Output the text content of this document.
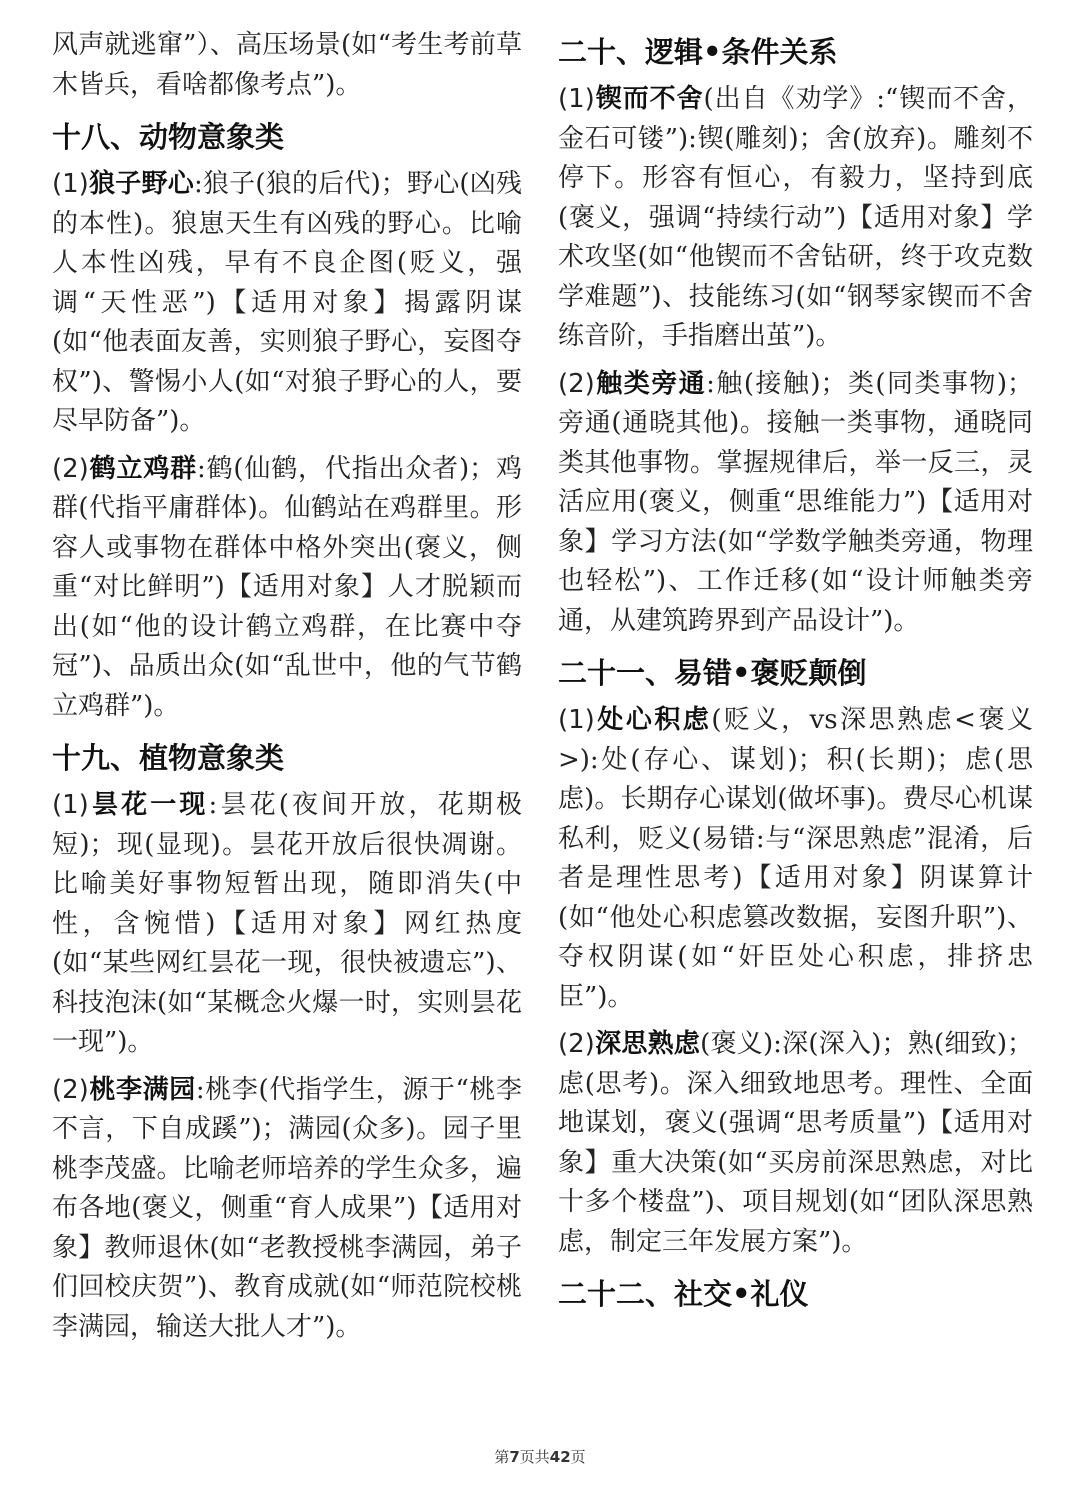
风声就逃窜”）、高压场景(如“考生考前草木皆兵，看啥都像考点”)。

十八、动物意象类

(1)狼子野心:狼子(狼的后代)；野心(凶残的本性)。狼崽天生有凶残的野心。比喻人本性凶残，早有不良企图(贬义，强调“天性恶”)【适用对象】揭露阴谋(如“他表面友善，实则狼子野心，妄图夺权”)、警惕小人(如“对狼子野心的人，要尽早防备”)。

(2)鹤立鸡群:鹤(仙鹤，代指出众者)；鸡群(代指平庸群体)。仙鹤站在鸡群里。形容人或事物在群体中格外突出(褒义，侧重“对比鲜明”)【适用对象】人才脱颖而出(如“他的设计鹤立鸡群，在比赛中夺冠”)、品质出众(如“乱世中，他的气节鹤立鸡群”)。

十九、植物意象类

(1)昙花一现:昙花(夜间开放，花期极短)；现(显现)。昙花开放后很快凋谢。比喻美好事物短暂出现，随即消失(中性，含惋惜)【适用对象】网红热度(如“某些网红昙花一现，很快被遗忘”)、科技泡沫(如“某概念火爆一时，实则昙花一现”)。

(2)桃李满园:桃李(代指学生，源于“桃李不言，下自成蹊”)；满园(众多)。园子里桃李茂盛。比喻老师培养的学生众多，遍布各地(褒义，侧重“育人成果”)【适用对象】教师退休(如“老教授桃李满园，弟子们回校庆贺”)、教育成就(如“师范院校桃李满园，输送大批人才”)。

二十、逻辑•条件关系

(1)锲而不舍(出自《劝学》:“锲而不舍，金石可镂”):锲(雕刻)；舍(放弃)。雕刻不停下。形容有恒心，有毅力，坚持到底(褒义，强调“持续行动”)【适用对象】学术攻坚(如“他锲而不舍钻研，终于攻克数学难题”)、技能练习(如“钢琴家锲而不舍练音阶，手指磨出茧”)。

(2)触类旁通:触(接触)；类(同类事物)；旁通(通晓其他)。接触一类事物，通晓同类其他事物。掌握规律后，举一反三，灵活应用(褒义，侧重“思维能力”)【适用对象】学习方法(如“学数学触类旁通，物理也轻松”)、工作迁移(如“设计师触类旁通，从建筑跨界到产品设计”)。

二十一、易错•褒贬颠倒

(1)处心积虑(贬义，vs深思熟虑<褒义>):处(存心、谋划)；积(长期)；虑(思虑)。长期存心谋划(做坏事)。费尽心机谋私利，贬义(易错:与“深思熟虑”混淆，后者是理性思考)【适用对象】阴谋算计(如“他处心积虑篡改数据，妄图升职”)、夺权阴谋(如“奸臣处心积虑，排挤忠臣”)。

(2)深思熟虑(褒义):深(深入)；熟(细致)；虑(思考)。深入细致地思考。理性、全面地谋划，褒义(强调“思考质量”)【适用对象】重大决策(如“买房前深思熟虑，对比十多个楼盘”)、项目规划(如“团队深思熟虑，制定三年发展方案”)。

二十二、社交•礼仪
第7页共42页
